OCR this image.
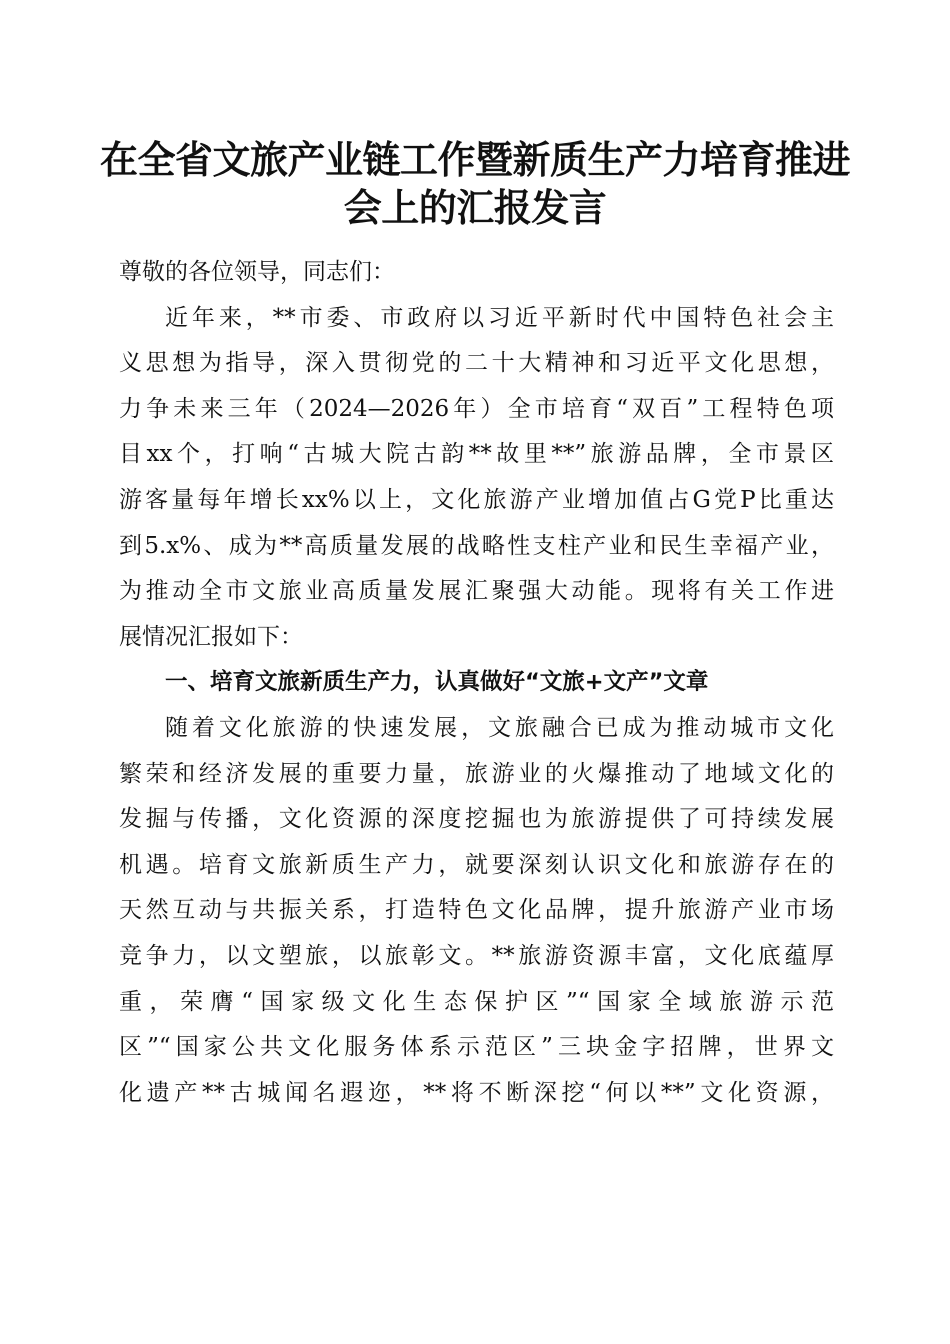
在全省文旅产业链工作暨新质生产力培育推进
会上的汇报发言
尊敬的各位领导，同志们：
近年来，**市委、市政府以习近平新时代中国特色社会主
义思想为指导，深入贯彻党的二十大精神和习近平文化思想，
力争未来三年（2024—2026年）全市培育“双百”工程特色项
目xx个，打响“古城大院古韵**故里**”旅游品牌，全市景区
游客量每年增长xx%以上，文化旅游产业增加值占G党P比重达
到5.x%、成为**高质量发展的战略性支柱产业和民生幸福产业，
为推动全市文旅业高质量发展汇聚强大动能。现将有关工作进
展情况汇报如下：
一、培育文旅新质生产力，认真做好“文旅+文产”文章
随着文化旅游的快速发展，文旅融合已成为推动城市文化
繁荣和经济发展的重要力量，旅游业的火爆推动了地域文化的
发掘与传播，文化资源的深度挖掘也为旅游提供了可持续发展
机遇。培育文旅新质生产力，就要深刻认识文化和旅游存在的
天然互动与共振关系，打造特色文化品牌，提升旅游产业市场
竞争力，以文塑旅，以旅彰文。**旅游资源丰富，文化底蕴厚
重，荣膺“国家级文化生态保护区”“国家全域旅游示范
区”“国家公共文化服务体系示范区”三块金字招牌，世界文
化遗产**古城闻名遐迩，**将不断深挖“何以**”文化资源，
